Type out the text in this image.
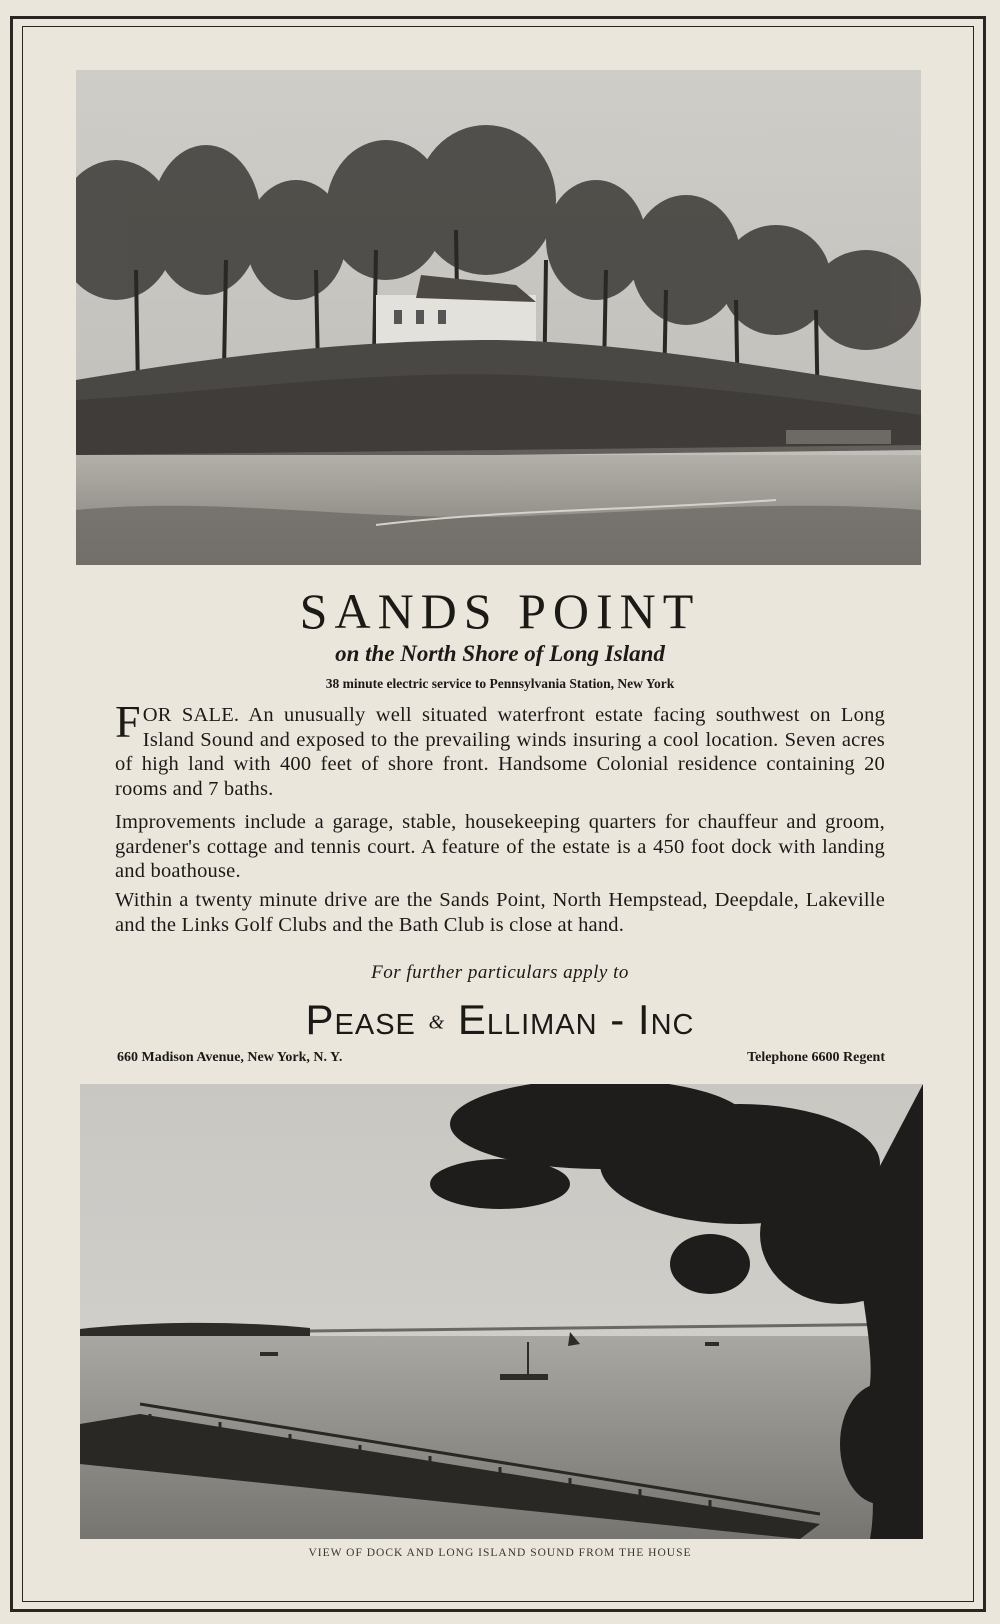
SANDS POINT
on the North Shore of Long Island

38 minute electric service to Pennsylvania Station, New York

FOR SALE. An unusually well situated waterfront estate facing southwest on Long Island Sound and exposed to the prevailing winds insuring a cool location. Seven acres of high land with 400 feet of shore front. Handsome Colonial residence containing 20 rooms and 7 baths.

Improvements include a garage, stable, housekeeping quarters for chauffeur and groom, gardener's cottage and tennis court. A feature of the estate is a 450 foot dock with landing and boathouse.

Within a twenty minute drive are the Sands Point, North Hempstead, Deepdale, Lakeville and the Links Golf Clubs and the Bath Club is close at hand.

For further particulars apply to

Pease & Elliman - Inc

660 Madison Avenue, New York, N. Y.	Telephone 6600 Regent

VIEW OF DOCK AND LONG ISLAND SOUND FROM THE HOUSE
